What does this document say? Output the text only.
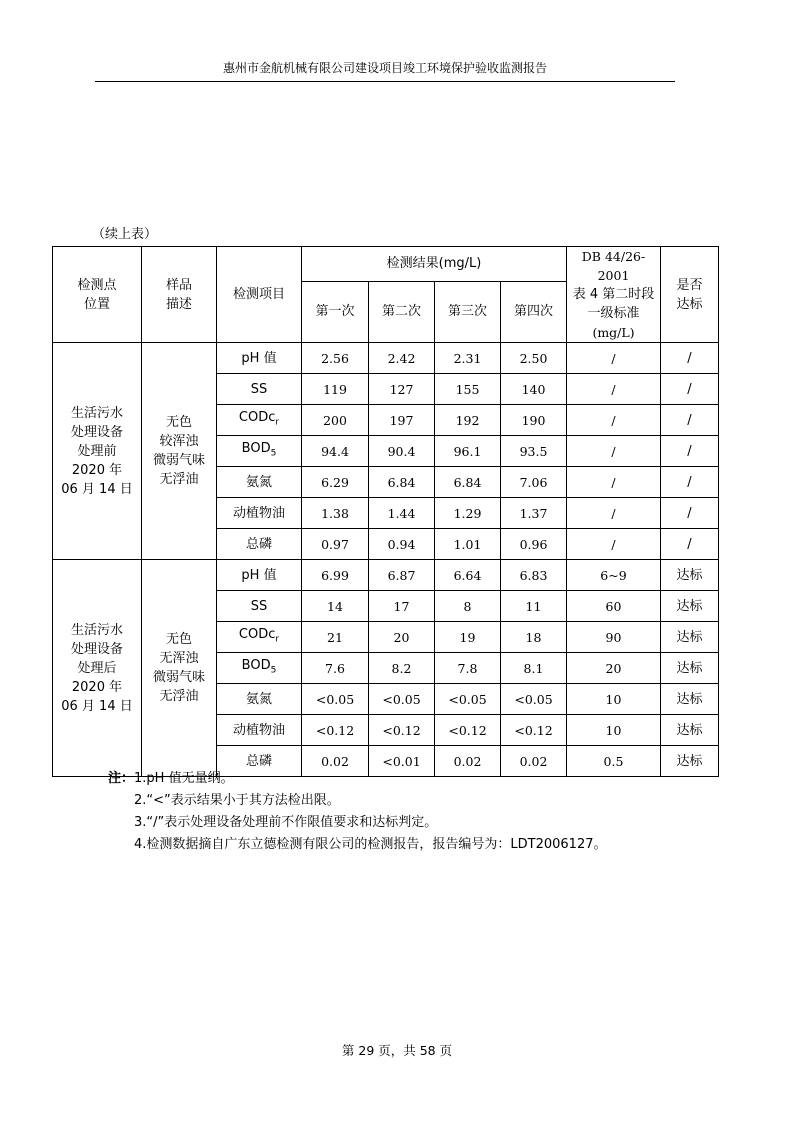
惠州市金航机械有限公司建设项目竣工环境保护验收监测报告
（续上表）
检测点
位置	样品
描述	检测项目	检测结果(mg/L)				DB 44/26-2001
表 4 第二时段
一级标准
(mg/L)	是否
达标

			第一次	第二次	第三次	第四次		

生活污水
处理设备
处理前
2020 年
06 月 14 日	无色
较浑浊
微弱气味
无浮油	pH 值	2.56	2.42	2.31	2.50	/	/
		SS	119	127	155	140	/	/
		CODc$_r$	200	197	192	190	/	/
		$BOD_5$	94.4	90.4	96.1	93.5	/	/
		氨氮	6.29	6.84	6.84	7.06	/	/
		动植物油	1.38	1.44	1.29	1.37	/	/
		总磷	0.97	0.94	1.01	0.96	/	/

生活污水
处理设备
处理后
2020 年
06 月 14 日	无色
无浑浊
微弱气味
无浮油	pH 值	6.99	6.87	6.64	6.83	6~9	达标
		SS	14	17	8	11	60	达标
		CODc$_r$	21	20	19	18	90	达标
		$BOD_5$	7.6	8.2	7.8	8.1	20	达标
		氨氮	<0.05	<0.05	<0.05	<0.05	10	达标
		动植物油	<0.12	<0.12	<0.12	<0.12	10	达标
		总磷	0.02	<0.01	0.02	0.02	0.5	达标
注：1.pH 值无量纲。
2.“<”表示结果小于其方法检出限。
3.“/”表示处理设备处理前不作限值要求和达标判定。
4.检测数据摘自广东立德检测有限公司的检测报告，报告编号为：LDT2006127。
第 29 页，共 58 页
